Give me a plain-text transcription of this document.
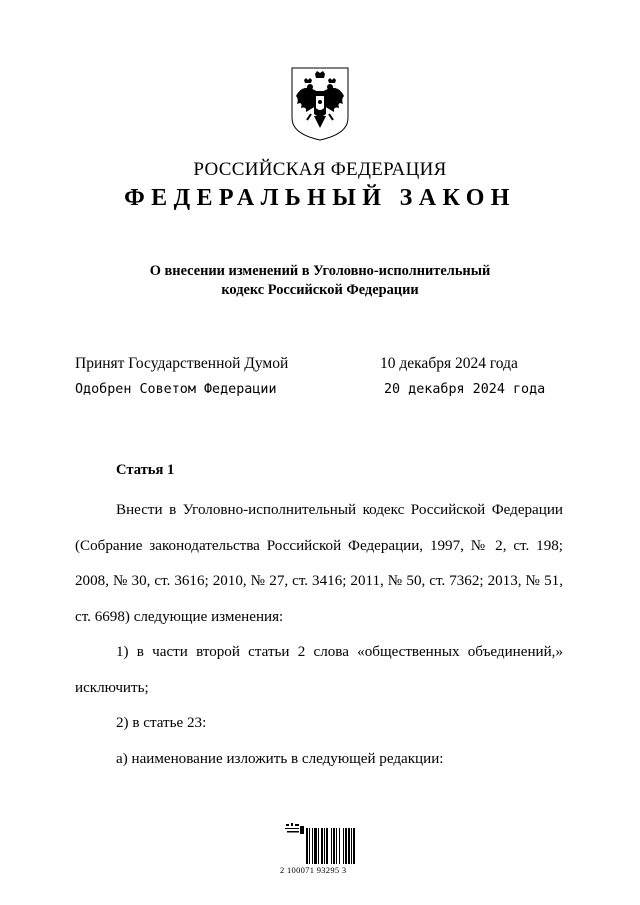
РОССИЙСКАЯ ФЕДЕРАЦИЯ
ФЕДЕРАЛЬНЫЙ ЗАКОН
О внесении изменений в Уголовно-исполнительный
кодекс Российской Федерации
Принят Государственной Думой	10 декабря 2024 года
Одобрен Советом Федерации	20 декабря 2024 года
Статья 1

Внести в Уголовно-исполнительный кодекс Российской Федерации (Собрание законодательства Российской Федерации, 1997, № 2, ст. 198; 2008, № 30, ст. 3616; 2010, № 27, ст. 3416; 2011, № 50, ст. 7362; 2013, № 51, ст. 6698) следующие изменения:

1) в части второй статьи 2 слова «общественных объединений,» исключить;

2) в статье 23:

а) наименование изложить в следующей редакции:

2 100071 93295 3
